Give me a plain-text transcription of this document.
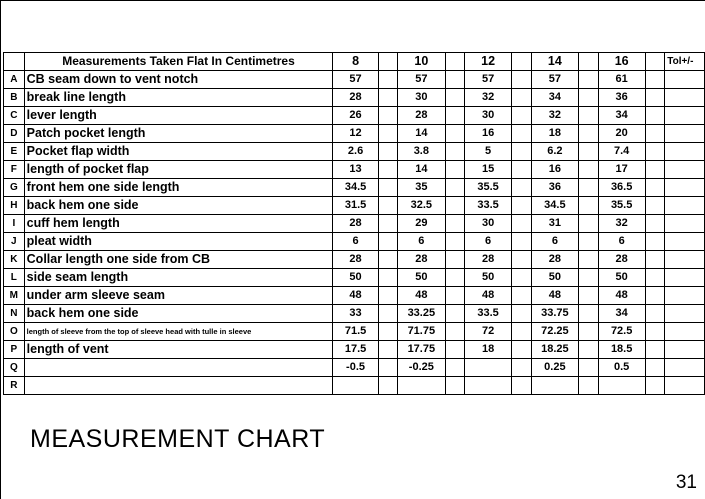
	Measurements Taken Flat In Centimetres	8		10		12		14		16		Tol+/-
A	CB seam down to vent notch	57		57		57		57		61		
B	break line length	28		30		32		34		36		
C	lever length	26		28		30		32		34		
D	Patch pocket length	12		14		16		18		20		
E	Pocket flap width	2.6		3.8		5		6.2		7.4		
F	length of pocket flap	13		14		15		16		17		
G	front hem one side length	34.5		35		35.5		36		36.5		
H	back hem one side	31.5		32.5		33.5		34.5		35.5		
I	cuff hem length	28		29		30		31		32		
J	pleat width	6		6		6		6		6		
K	Collar length one side from CB	28		28		28		28		28		
L	side seam length	50		50		50		50		50		
M	under arm sleeve seam	48		48		48		48		48		
N	back hem one side	33		33.25		33.5		33.75		34		
O	length of sleeve from the top of sleeve head with tulle in sleeve	71.5		71.75		72		72.25		72.5		
P	length of vent	17.5		17.75		18		18.25		18.5		
Q		-0.5		-0.25				0.25		0.5		
R												
MEASUREMENT CHART
31
